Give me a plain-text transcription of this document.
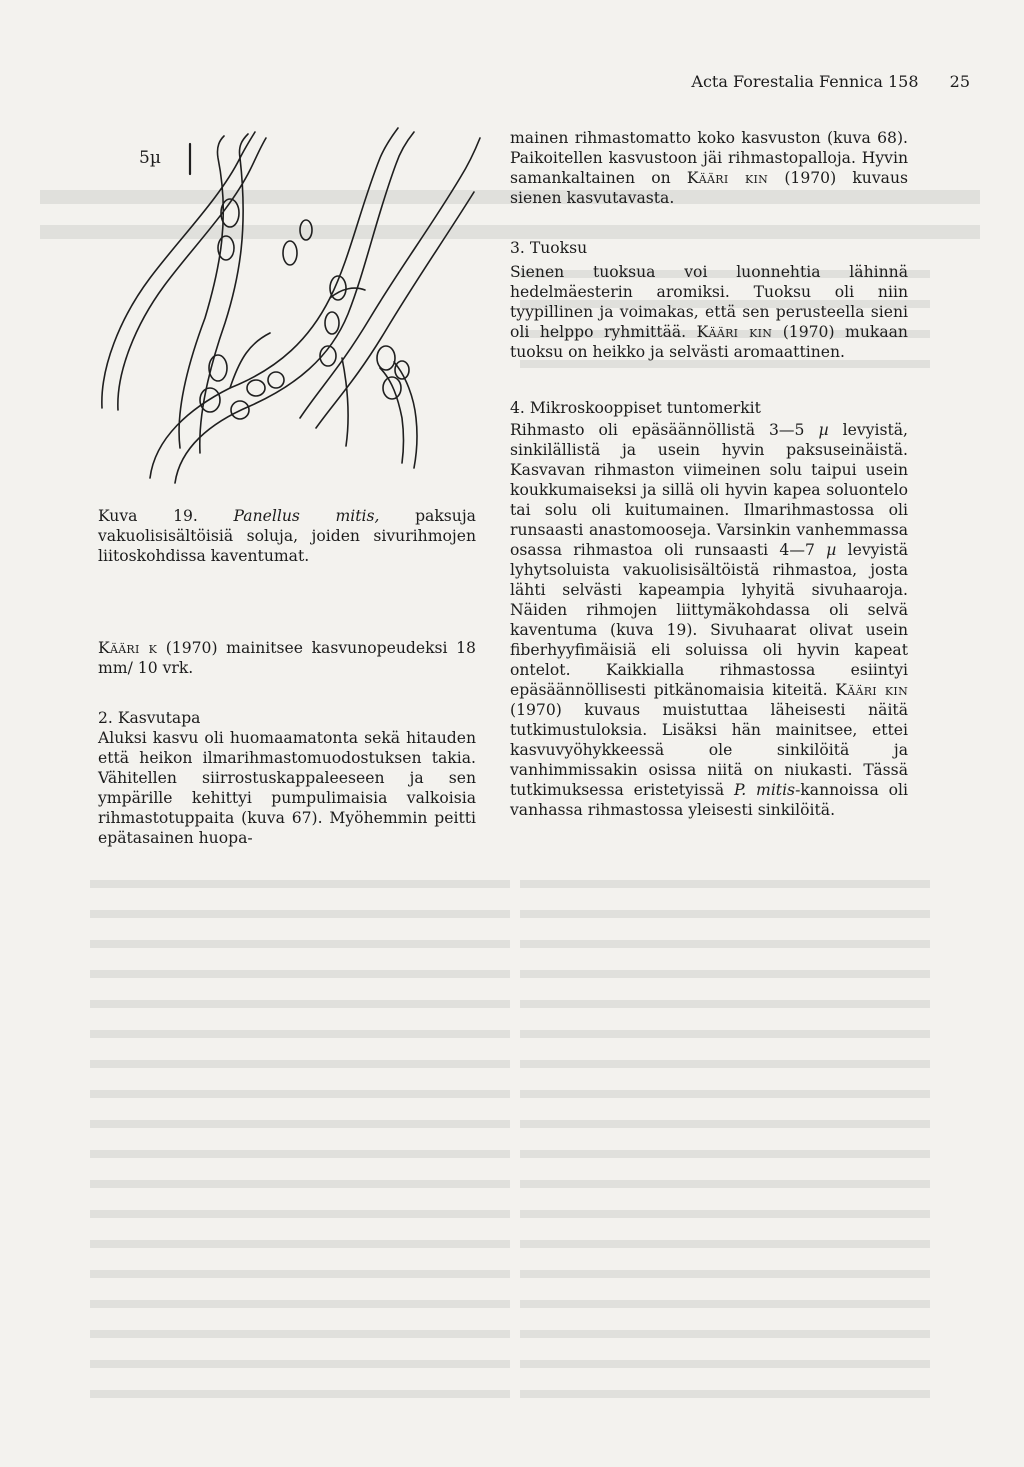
Acta Forestalia Fennica 158 25
5µ

Kuva 19. Panellus mitis, paksuja vakuolisisältöisiä soluja, joiden sivurihmojen liitoskohdissa kaventumat.

Kääri k (1970) mainitsee kasvunopeudeksi 18 mm/ 10 vrk.

2. Kasvutapa

Aluksi kasvu oli huomaamatonta sekä hitauden että heikon ilmarihmastomuodostuksen takia. Vähitellen siirrostuskappaleeseen ja sen ympärille kehittyi pumpulimaisia valkoisia rihmastotuppaita (kuva 67). Myöhemmin peitti epätasainen huopa-

mainen rihmastomatto koko kasvuston (kuva 68). Paikoitellen kasvustoon jäi rihmastopalloja. Hyvin samankaltainen on Kääri kin (1970) kuvaus sienen kasvutavasta.

3. Tuoksu

Sienen tuoksua voi luonnehtia lähinnä hedelmäesterin aromiksi. Tuoksu oli niin tyypillinen ja voimakas, että sen perusteella sieni oli helppo ryhmittää. Kääri kin (1970) mukaan tuoksu on heikko ja selvästi aromaattinen.

4. Mikroskooppiset tuntomerkit

Rihmasto oli epäsäännöllistä 3—5 µ levyistä, sinkilällistä ja usein hyvin paksuseinäistä. Kasvavan rihmaston viimeinen solu taipui usein koukkumaiseksi ja sillä oli hyvin kapea soluontelo tai solu oli kuitumainen. Ilmarihmastossa oli runsaasti anastomooseja. Varsinkin vanhemmassa osassa rihmastoa oli runsaasti 4—7 µ levyistä lyhytsoluista vakuolisisältöistä rihmastoa, josta lähti selvästi kapeampia lyhyitä sivuhaaroja. Näiden rihmojen liittymäkohdassa oli selvä kaventuma (kuva 19). Sivuhaarat olivat usein fiberhyyfimäisiä eli soluissa oli hyvin kapeat ontelot. Kaikkialla rihmastossa esiintyi epäsäännöllisesti pitkänomaisia kiteitä. Kääri kin (1970) kuvaus muistuttaa läheisesti näitä tutkimustuloksia. Lisäksi hän mainitsee, ettei kasvuvyöhykkeessä ole sinkilöitä ja vanhimmissakin osissa niitä on niukasti. Tässä tutkimuksessa eristetyissä P. mitis-kannoissa oli vanhassa rihmastossa yleisesti sinkilöitä.
